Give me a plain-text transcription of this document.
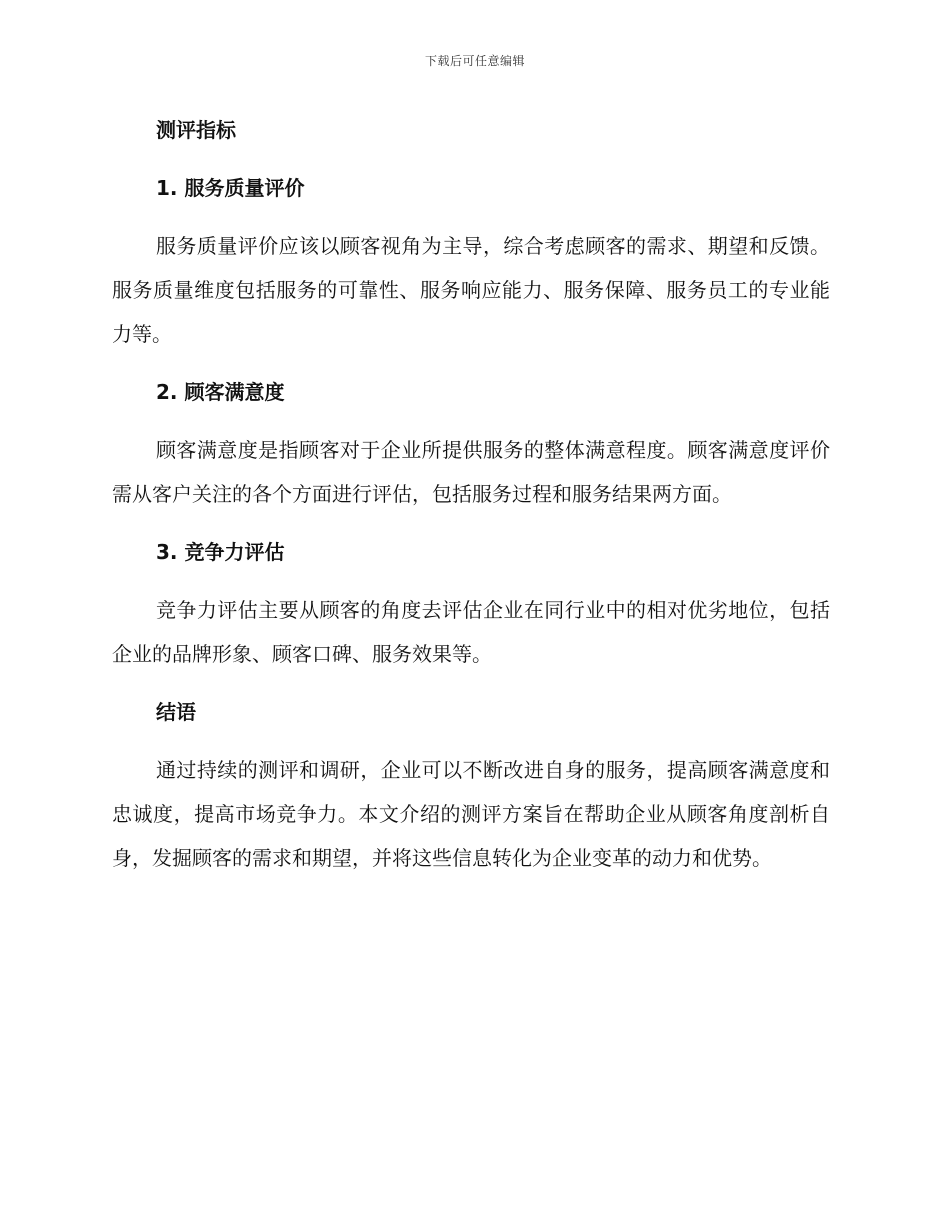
下载后可任意编辑
测评指标
1. 服务质量评价

服务质量评价应该以顾客视角为主导，综合考虑顾客的需求、期望和反馈。服务质量维度包括服务的可靠性、服务响应能力、服务保障、服务员工的专业能力等。

2. 顾客满意度

顾客满意度是指顾客对于企业所提供服务的整体满意程度。顾客满意度评价需从客户关注的各个方面进行评估，包括服务过程和服务结果两方面。

3. 竞争力评估

竞争力评估主要从顾客的角度去评估企业在同行业中的相对优劣地位，包括企业的品牌形象、顾客口碑、服务效果等。

结语

通过持续的测评和调研，企业可以不断改进自身的服务，提高顾客满意度和忠诚度，提高市场竞争力。本文介绍的测评方案旨在帮助企业从顾客角度剖析自身，发掘顾客的需求和期望，并将这些信息转化为企业变革的动力和优势。
